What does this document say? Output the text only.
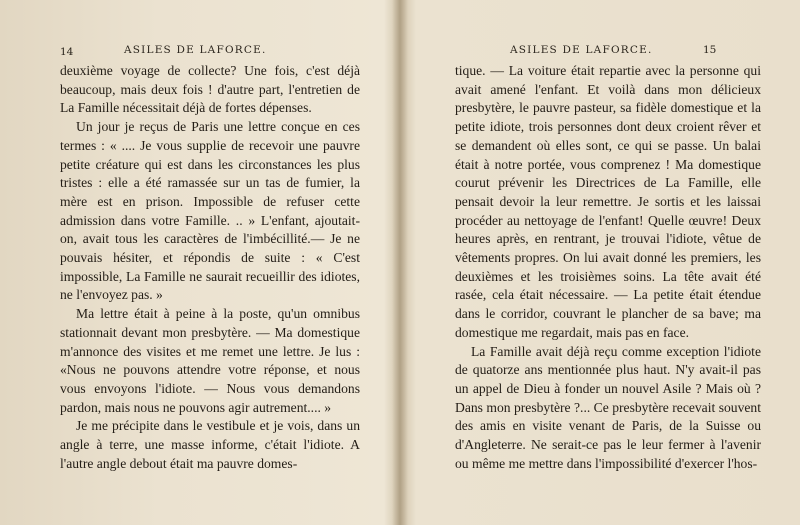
14	ASILES DE LAFORCE.

deuxième voyage de collecte? Une fois, c'est déjà beaucoup, mais deux fois ! d'autre part, l'entretien de La Famille nécessitait déjà de fortes dépenses.

Un jour je reçus de Paris une lettre conçue en ces termes : « .... Je vous supplie de recevoir une pauvre petite créature qui est dans les circonstances les plus tristes : elle a été ramassée sur un tas de fumier, la mère est en prison. Impossible de refuser cette admission dans votre Famille. .. » L'enfant, ajoutait-on, avait tous les caractères de l'imbécillité.— Je ne pouvais hésiter, et répondis de suite : « C'est impossible, La Famille ne saurait recueillir des idiotes, ne l'envoyez pas. »

Ma lettre était à peine à la poste, qu'un omnibus stationnait devant mon presbytère. — Ma domestique m'annonce des visites et me remet une lettre. Je lus : «Nous ne pouvons attendre votre réponse, et nous vous envoyons l'idiote. — Nous vous demandons pardon, mais nous ne pouvons agir autrement.... »

Je me précipite dans le vestibule et je vois, dans un angle à terre, une masse informe, c'était l'idiote. A l'autre angle debout était ma pauvre domes-

ASILES DE LAFORCE.	15

tique. — La voiture était repartie avec la personne qui avait amené l'enfant. Et voilà dans mon délicieux presbytère, le pauvre pasteur, sa fidèle domestique et la petite idiote, trois personnes dont deux croient rêver et se demandent où elles sont, ce qui se passe. Un balai était à notre portée, vous comprenez ! Ma domestique courut prévenir les Directrices de La Famille, elle pensait devoir la leur remettre. Je sortis et les laissai procéder au nettoyage de l'enfant! Quelle œuvre! Deux heures après, en rentrant, je trouvai l'idiote, vêtue de vêtements propres. On lui avait donné les premiers, les deuxièmes et les troisièmes soins. La tête avait été rasée, cela était nécessaire. — La petite était étendue dans le corridor, couvrant le plancher de sa bave; ma domestique me regardait, mais pas en face.

La Famille avait déjà reçu comme exception l'idiote de quatorze ans mentionnée plus haut. N'y avait-il pas un appel de Dieu à fonder un nouvel Asile ? Mais où ? Dans mon presbytère ?... Ce presbytère recevait souvent des amis en visite venant de Paris, de la Suisse ou d'Angleterre. Ne serait-ce pas le leur fermer à l'avenir ou même me mettre dans l'impossibilité d'exercer l'hos-
